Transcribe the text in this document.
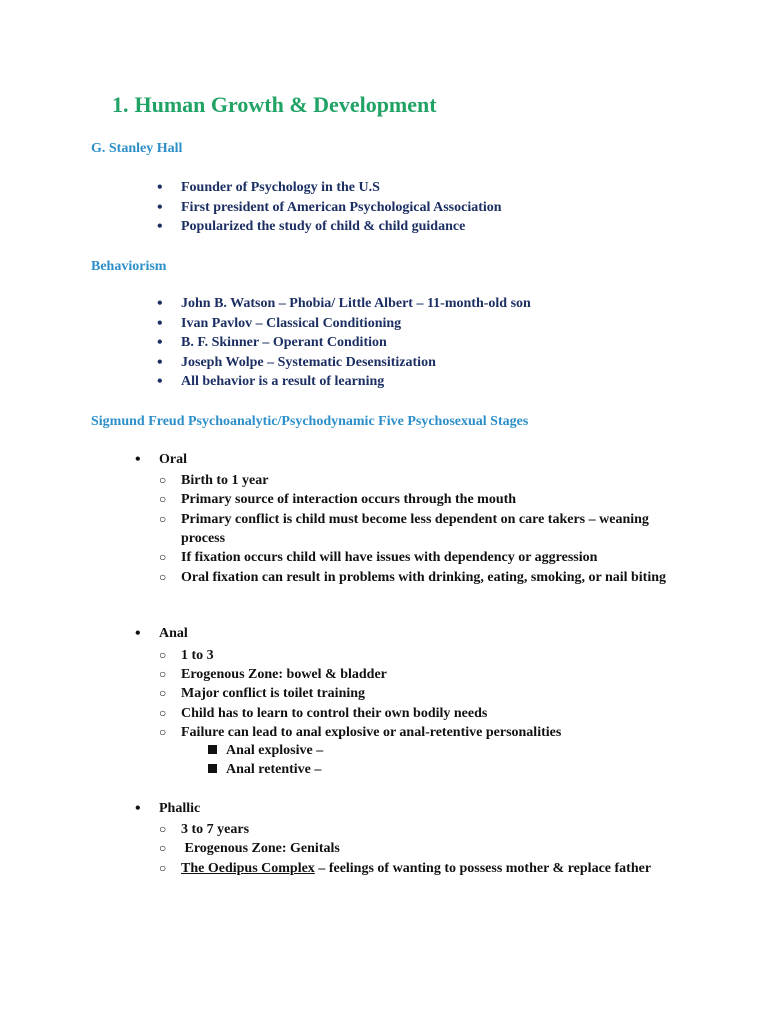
1. Human Growth & Development
G. Stanley Hall
• Founder of Psychology in the U.S
• First president of American Psychological Association
• Popularized the study of child & child guidance
Behaviorism
• John B. Watson – Phobia/ Little Albert – 11-month-old son
• Ivan Pavlov – Classical Conditioning
• B. F. Skinner – Operant Condition
• Joseph Wolpe – Systematic Desensitization
• All behavior is a result of learning
Sigmund Freud Psychoanalytic/Psychodynamic Five Psychosexual Stages
• Oral
○ Birth to 1 year
○ Primary source of interaction occurs through the mouth
○ Primary conflict is child must become less dependent on care takers – weaning process
○ If fixation occurs child will have issues with dependency or aggression
○ Oral fixation can result in problems with drinking, eating, smoking, or nail biting
• Anal
○ 1 to 3
○ Erogenous Zone: bowel & bladder
○ Major conflict is toilet training
○ Child has to learn to control their own bodily needs
○ Failure can lead to anal explosive or anal-retentive personalities
Anal explosive –
Anal retentive –
• Phallic
○ 3 to 7 years
○ Erogenous Zone: Genitals
○ The Oedipus Complex – feelings of wanting to possess mother & replace father
